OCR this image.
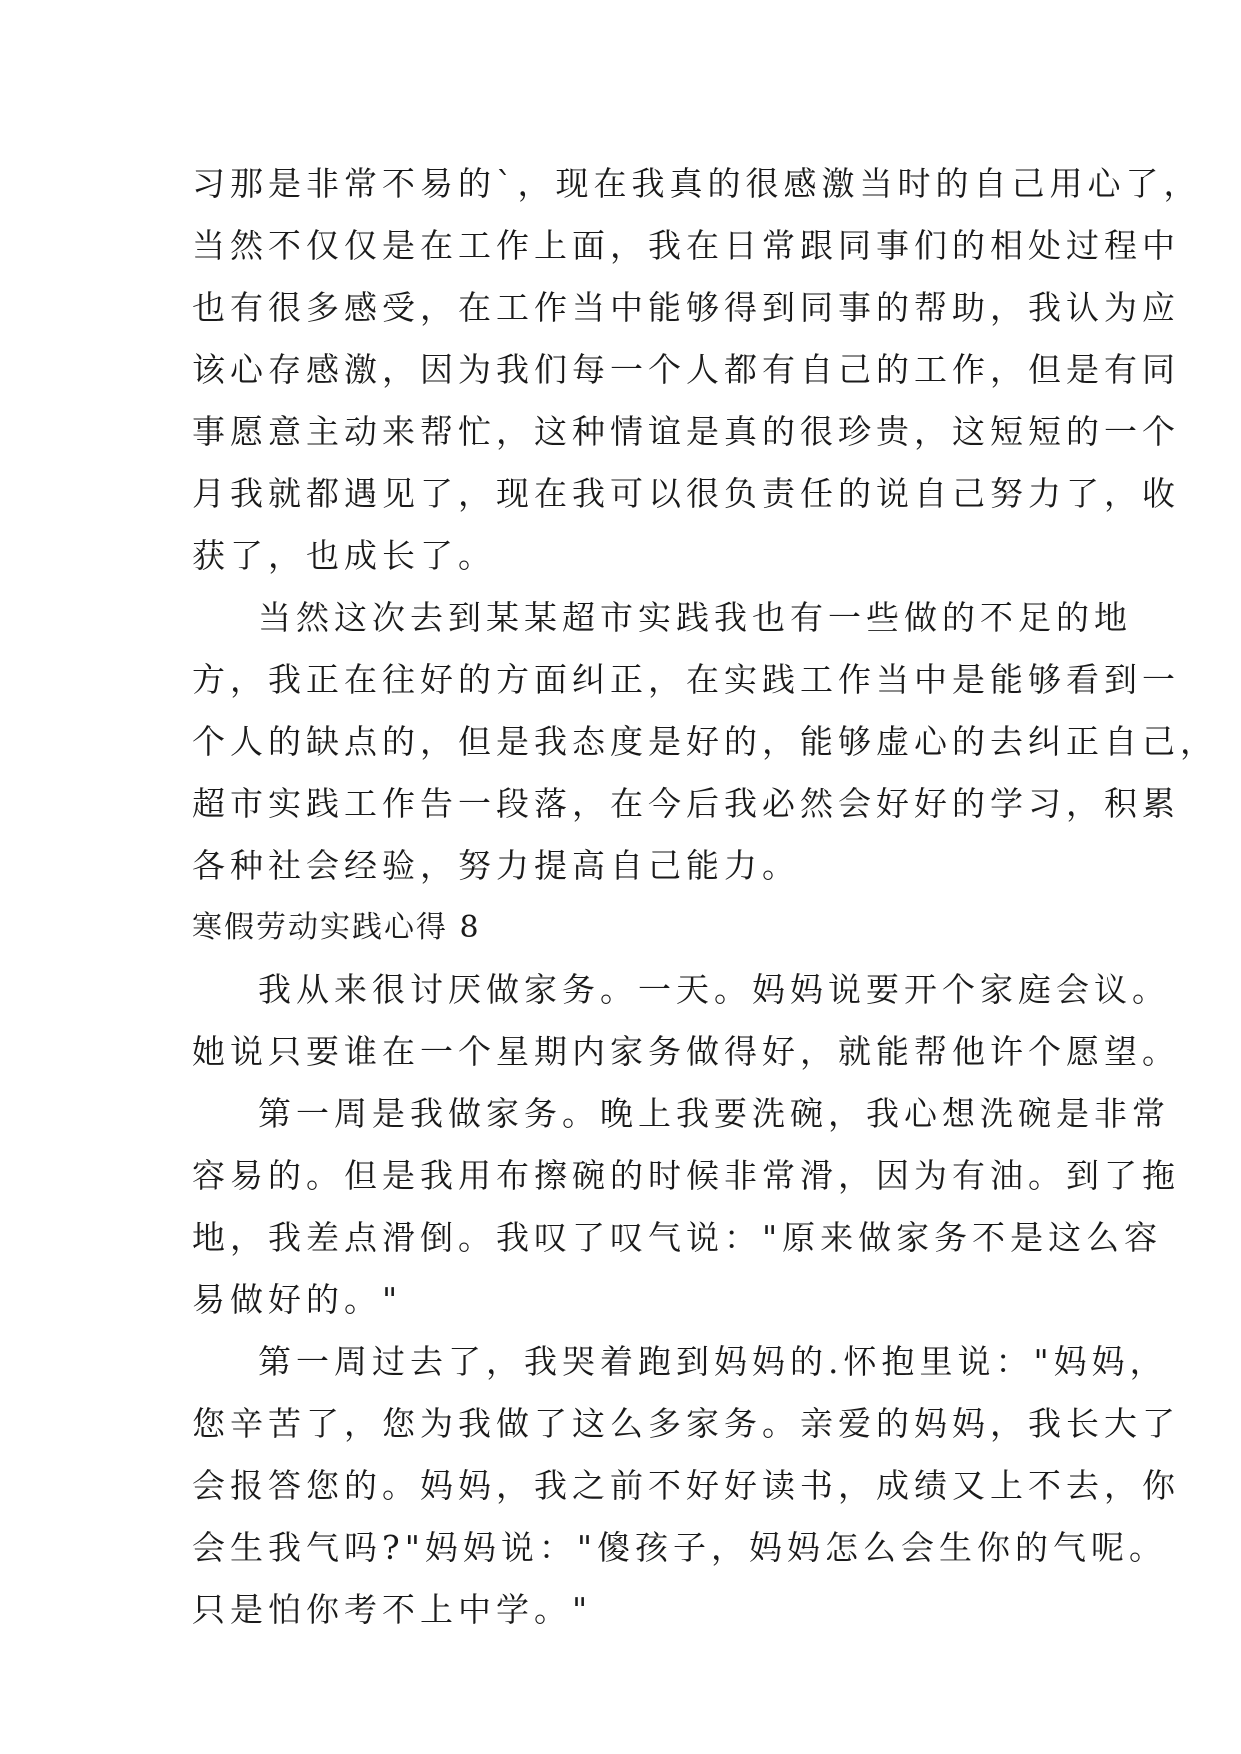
习那是非常不易的`，现在我真的很感激当时的自己用心了，
当然不仅仅是在工作上面，我在日常跟同事们的相处过程中
也有很多感受，在工作当中能够得到同事的帮助，我认为应
该心存感激，因为我们每一个人都有自己的工作，但是有同
事愿意主动来帮忙，这种情谊是真的很珍贵，这短短的一个
月我就都遇见了，现在我可以很负责任的说自己努力了，收
获了，也成长了。
当然这次去到某某超市实践我也有一些做的不足的地
方，我正在往好的方面纠正，在实践工作当中是能够看到一
个人的缺点的，但是我态度是好的，能够虚心的去纠正自己，
超市实践工作告一段落，在今后我必然会好好的学习，积累
各种社会经验，努力提高自己能力。
寒假劳动实践心得 8
我从来很讨厌做家务。一天。妈妈说要开个家庭会议。
她说只要谁在一个星期内家务做得好，就能帮他许个愿望。
第一周是我做家务。晚上我要洗碗，我心想洗碗是非常
容易的。但是我用布擦碗的时候非常滑，因为有油。到了拖
地，我差点滑倒。我叹了叹气说："原来做家务不是这么容
易做好的。"
第一周过去了，我哭着跑到妈妈的.怀抱里说："妈妈，
您辛苦了，您为我做了这么多家务。亲爱的妈妈，我长大了
会报答您的。妈妈，我之前不好好读书，成绩又上不去，你
会生我气吗?"妈妈说："傻孩子，妈妈怎么会生你的气呢。
只是怕你考不上中学。"
